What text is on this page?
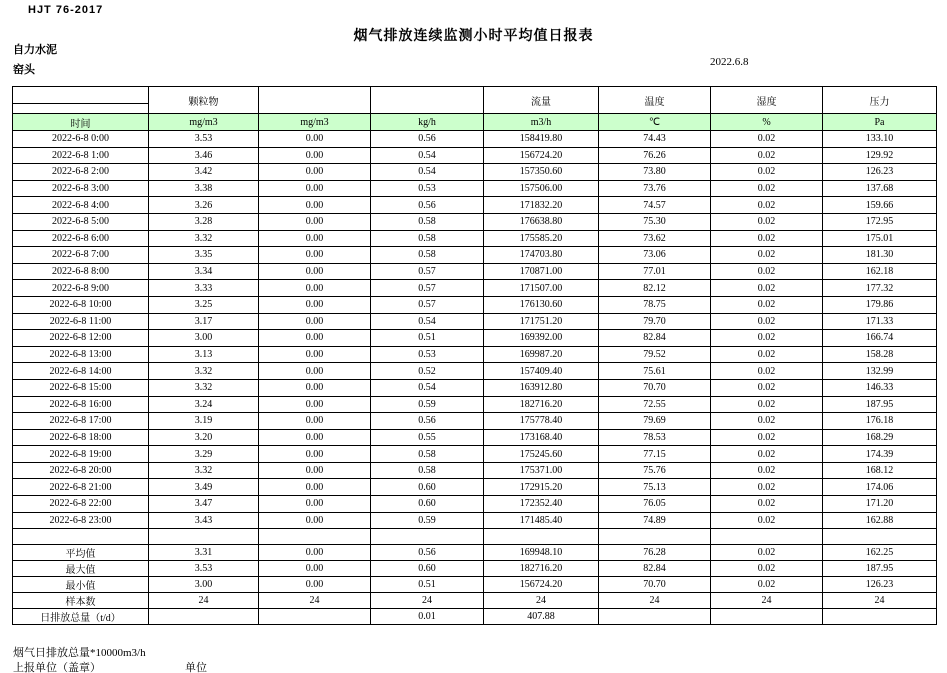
HJT 76-2017
烟气排放连续监测小时平均值日报表
自力水泥
窑头
2022.6.8
	颗粒物			流量	温度	湿度	压力

时间	mg/m3	mg/m3	kg/h	m3/h	℃	%	Pa
2022-6-8 0:00	3.53	0.00	0.56	158419.80	74.43	0.02	133.10
2022-6-8 1:00	3.46	0.00	0.54	156724.20	76.26	0.02	129.92
2022-6-8 2:00	3.42	0.00	0.54	157350.60	73.80	0.02	126.23
2022-6-8 3:00	3.38	0.00	0.53	157506.00	73.76	0.02	137.68
2022-6-8 4:00	3.26	0.00	0.56	171832.20	74.57	0.02	159.66
2022-6-8 5:00	3.28	0.00	0.58	176638.80	75.30	0.02	172.95
2022-6-8 6:00	3.32	0.00	0.58	175585.20	73.62	0.02	175.01
2022-6-8 7:00	3.35	0.00	0.58	174703.80	73.06	0.02	181.30
2022-6-8 8:00	3.34	0.00	0.57	170871.00	77.01	0.02	162.18
2022-6-8 9:00	3.33	0.00	0.57	171507.00	82.12	0.02	177.32
2022-6-8 10:00	3.25	0.00	0.57	176130.60	78.75	0.02	179.86
2022-6-8 11:00	3.17	0.00	0.54	171751.20	79.70	0.02	171.33
2022-6-8 12:00	3.00	0.00	0.51	169392.00	82.84	0.02	166.74
2022-6-8 13:00	3.13	0.00	0.53	169987.20	79.52	0.02	158.28
2022-6-8 14:00	3.32	0.00	0.52	157409.40	75.61	0.02	132.99
2022-6-8 15:00	3.32	0.00	0.54	163912.80	70.70	0.02	146.33
2022-6-8 16:00	3.24	0.00	0.59	182716.20	72.55	0.02	187.95
2022-6-8 17:00	3.19	0.00	0.56	175778.40	79.69	0.02	176.18
2022-6-8 18:00	3.20	0.00	0.55	173168.40	78.53	0.02	168.29
2022-6-8 19:00	3.29	0.00	0.58	175245.60	77.15	0.02	174.39
2022-6-8 20:00	3.32	0.00	0.58	175371.00	75.76	0.02	168.12
2022-6-8 21:00	3.49	0.00	0.60	172915.20	75.13	0.02	174.06
2022-6-8 22:00	3.47	0.00	0.60	172352.40	76.05	0.02	171.20
2022-6-8 23:00	3.43	0.00	0.59	171485.40	74.89	0.02	162.88

平均值	3.31	0.00	0.56	169948.10	76.28	0.02	162.25
最大值	3.53	0.00	0.60	182716.20	82.84	0.02	187.95
最小值	3.00	0.00	0.51	156724.20	70.70	0.02	126.23
样本数	24	24	24	24	24	24	24
日排放总量（t/d）			0.01	407.88			
烟气日排放总量*10000m3/h
上报单位（盖章）	单位
